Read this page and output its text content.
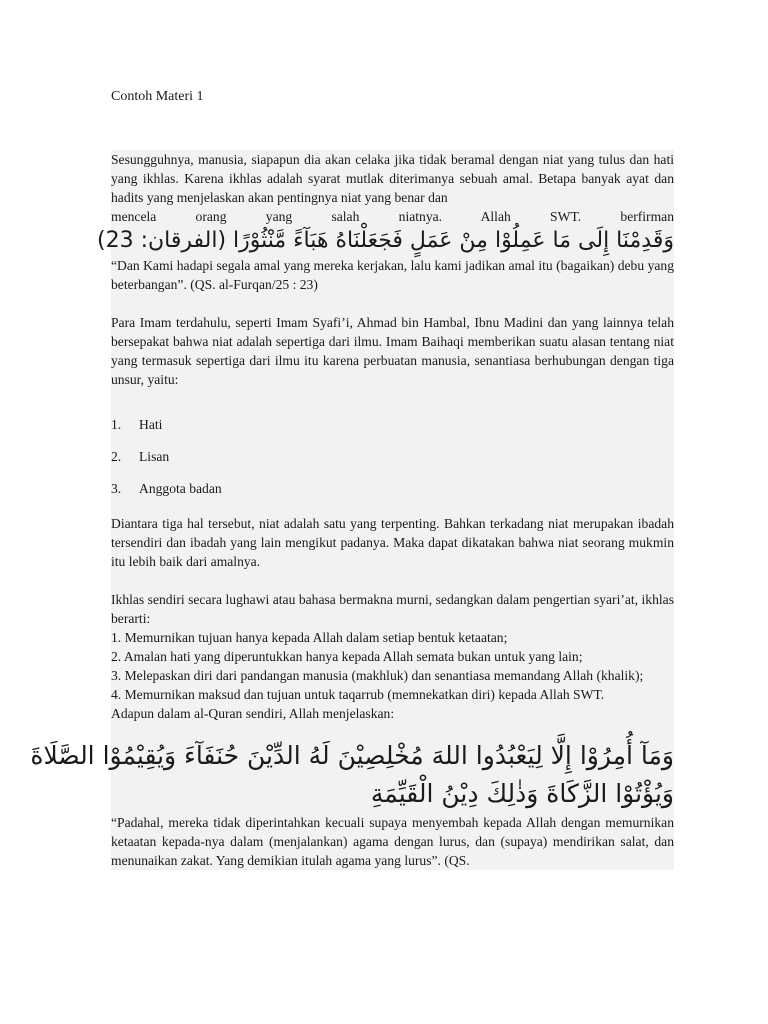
Contoh Materi 1

Sesungguhnya, manusia, siapapun dia akan celaka jika tidak beramal dengan niat yang tulus dan hati yang ikhlas. Karena ikhlas adalah syarat mutlak diterimanya sebuah amal. Betapa banyak ayat dan hadits yang menjelaskan akan pentingnya niat yang benar dan

mencela orang yang salah niatnya. Allah SWT. berfirman

وَقَدِمْنَا إِلَى مَا عَمِلُوْا مِنْ عَمَلٍ فَجَعَلْنَاهُ هَبَآءً مَّنْثُوْرًا (الفرقان: 23)

“Dan Kami hadapi segala amal yang mereka kerjakan, lalu kami jadikan amal itu (bagaikan) debu yang beterbangan”. (QS. al-Furqan/25 : 23)

Para Imam terdahulu, seperti Imam Syafi’i, Ahmad bin Hambal, Ibnu Madini dan yang lainnya telah bersepakat bahwa niat adalah sepertiga dari ilmu. Imam Baihaqi memberikan suatu alasan tentang niat yang termasuk sepertiga dari ilmu itu karena perbuatan manusia, senantiasa berhubungan dengan tiga unsur, yaitu:

1.	Hati
2.	Lisan
3.	Anggota badan

Diantara tiga hal tersebut, niat adalah satu yang terpenting. Bahkan terkadang niat merupakan ibadah tersendiri dan ibadah yang lain mengikut padanya. Maka dapat dikatakan bahwa niat seorang mukmin itu lebih baik dari amalnya.

Ikhlas sendiri secara lughawi atau bahasa bermakna murni, sedangkan dalam pengertian syari’at, ikhlas berarti:

1. Memurnikan tujuan hanya kepada Allah dalam setiap bentuk ketaatan;
2. Amalan hati yang diperuntukkan hanya kepada Allah semata bukan untuk yang lain;
3. Melepaskan diri dari pandangan manusia (makhluk) dan senantiasa memandang Allah (khalik);
4. Memurnikan maksud dan tujuan untuk taqarrub (memnekatkan diri) kepada Allah SWT.

Adapun dalam al-Quran sendiri, Allah menjelaskan:

وَمَآ أُمِرُوْا إِلَّا لِيَعْبُدُوا اللهَ مُخْلِصِيْنَ لَهُ الدِّيْنَ حُنَفَآءَ وَيُقِيْمُوْا الصَّلَاةَ
وَيُؤْتُوْا الزَّكَاةَ وَذٰلِكَ دِيْنُ الْقَيِّمَةِ

“Padahal, mereka tidak diperintahkan kecuali supaya menyembah kepada Allah dengan memurnikan ketaatan kepada-nya dalam (menjalankan) agama dengan lurus, dan (supaya) mendirikan salat, dan menunaikan zakat. Yang demikian itulah agama yang lurus”. (QS.
